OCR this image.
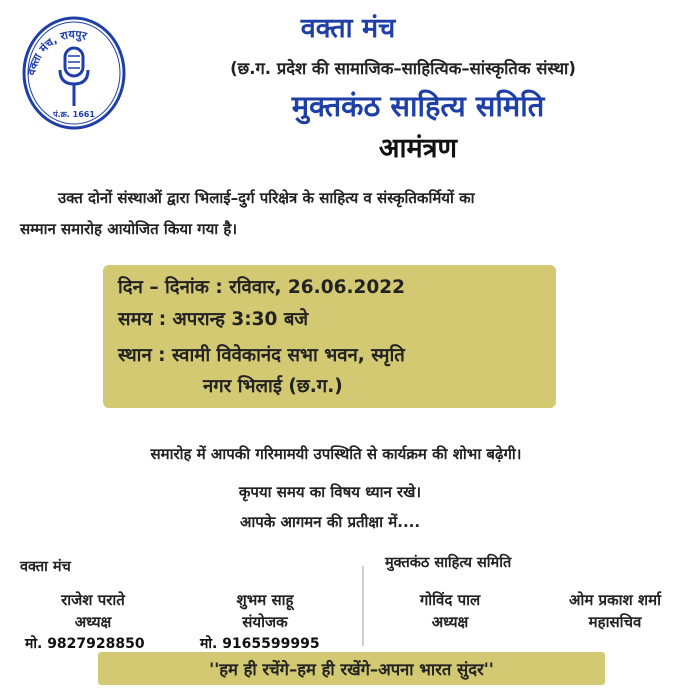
वक्ता मंच, रायपुर
पं.क्र. 1661
वक्ता मंच
(छ.ग. प्रदेश की सामाजिक–साहित्यिक–सांस्कृतिक संस्था)
मुक्तकंठ साहित्य समिति
आमंत्रण
उक्त दोनों संस्थाओं द्वारा भिलाई–दुर्ग परिक्षेत्र के साहित्य व संस्कृतिकर्मियों का
सम्मान समारोह आयोजित किया गया है।
दिन – दिनांक : रविवार, 26.06.2022
समय : अपरान्ह 3:30 बजे
स्थान : स्वामी विवेकानंद सभा भवन, स्मृति
नगर भिलाई (छ.ग.)
समारोह में आपकी गरिमामयी उपस्थिति से कार्यक्रम की शोभा बढ़ेगी।
कृपया समय का विषय ध्यान रखे।
आपके आगमन की प्रतीक्षा में....
वक्ता मंच	मुक्तकंठ साहित्य समिति
राजेश पराते
अध्यक्ष
मो. 9827928850
शुभम साहू
संयोजक
मो. 9165599995
गोविंद पाल
अध्यक्ष
ओम प्रकाश शर्मा
महासचिव
''हम ही रचेंगे–हम ही रखेंगे–अपना भारत सुंदर''
